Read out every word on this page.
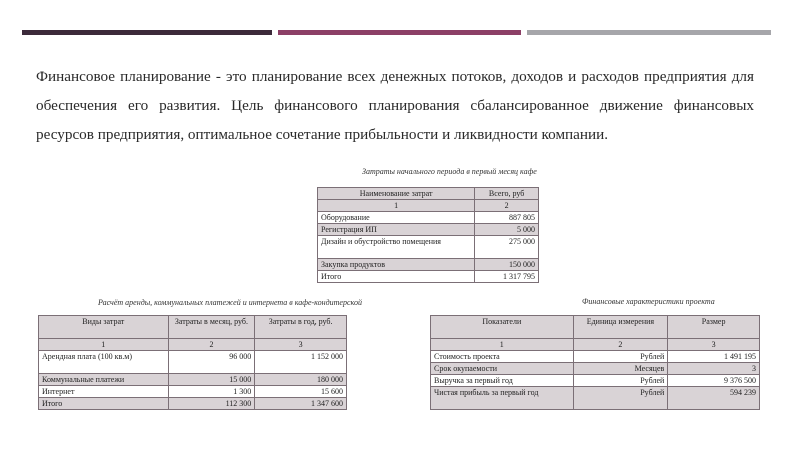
Финансовое планирование - это планирование всех денежных потоков, доходов и расходов предприятия для обеспечения его развития. Цель финансового планирования сбалансированное движение финансовых ресурсов предприятия, оптимальное сочетание прибыльности и ликвидности компании.
Затраты начального периода в первый месяц кафе
Наименование затрат	Всего, руб
1	2
Оборудование	887 805
Регистрация ИП	5 000
Дизайн и обустройство помещения	275 000
Закупка продуктов	150 000
Итого	1 317 795
Расчёт аренды, коммунальных платежей и интернета в кафе-кондитерской
Виды затрат	Затраты в месяц, руб.	Затраты в год, руб.
1	2	3
Арендная плата (100 кв.м)	96 000	1 152 000
Коммунальные платежи	15 000	180 000
Интернет	1 300	15 600
Итого	112 300	1 347 600
Финансовые характеристики проекта
Показатели	Единица измерения	Размер
1	2	3
Стоимость проекта	Рублей	1 491 195
Срок окупаемости	Месяцев	3
Выручка за первый год	Рублей	9 376 500
Чистая прибыль за первый год	Рублей	594 239
